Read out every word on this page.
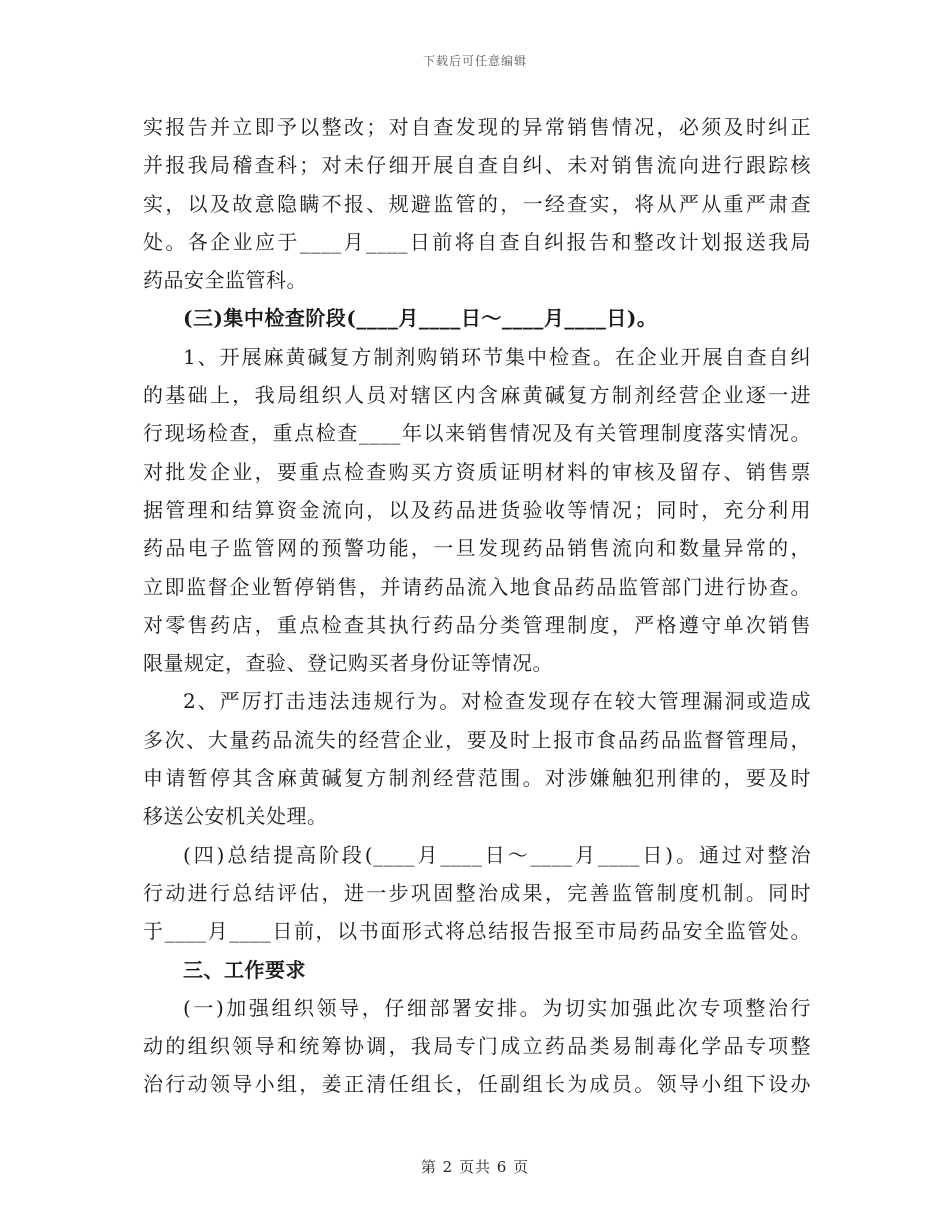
下载后可任意编辑
实报告并立即予以整改；对自查发现的异常销售情况，必须及时纠正
并报我局稽查科；对未仔细开展自查自纠、未对销售流向进行跟踪核
实，以及故意隐瞒不报、规避监管的，一经查实，将从严从重严肃查
处。各企业应于____月____日前将自查自纠报告和整改计划报送我局
药品安全监管科。
(三)集中检查阶段(____月____日～____月____日)。
1、开展麻黄碱复方制剂购销环节集中检查。在企业开展自查自纠
的基础上，我局组织人员对辖区内含麻黄碱复方制剂经营企业逐一进
行现场检查，重点检查____年以来销售情况及有关管理制度落实情况。
对批发企业，要重点检查购买方资质证明材料的审核及留存、销售票
据管理和结算资金流向，以及药品进货验收等情况；同时，充分利用
药品电子监管网的预警功能，一旦发现药品销售流向和数量异常的，
立即监督企业暂停销售，并请药品流入地食品药品监管部门进行协查。
对零售药店，重点检查其执行药品分类管理制度，严格遵守单次销售
限量规定，查验、登记购买者身份证等情况。
2、严厉打击违法违规行为。对检查发现存在较大管理漏洞或造成
多次、大量药品流失的经营企业，要及时上报市食品药品监督管理局，
申请暂停其含麻黄碱复方制剂经营范围。对涉嫌触犯刑律的，要及时
移送公安机关处理。
(四)总结提高阶段(____月____日～____月____日)。通过对整治
行动进行总结评估，进一步巩固整治成果，完善监管制度机制。同时
于____月____日前，以书面形式将总结报告报至市局药品安全监管处。
三、工作要求
(一)加强组织领导，仔细部署安排。为切实加强此次专项整治行
动的组织领导和统筹协调，我局专门成立药品类易制毒化学品专项整
治行动领导小组，姜正清任组长，任副组长为成员。领导小组下设办
第 2 页共 6 页
